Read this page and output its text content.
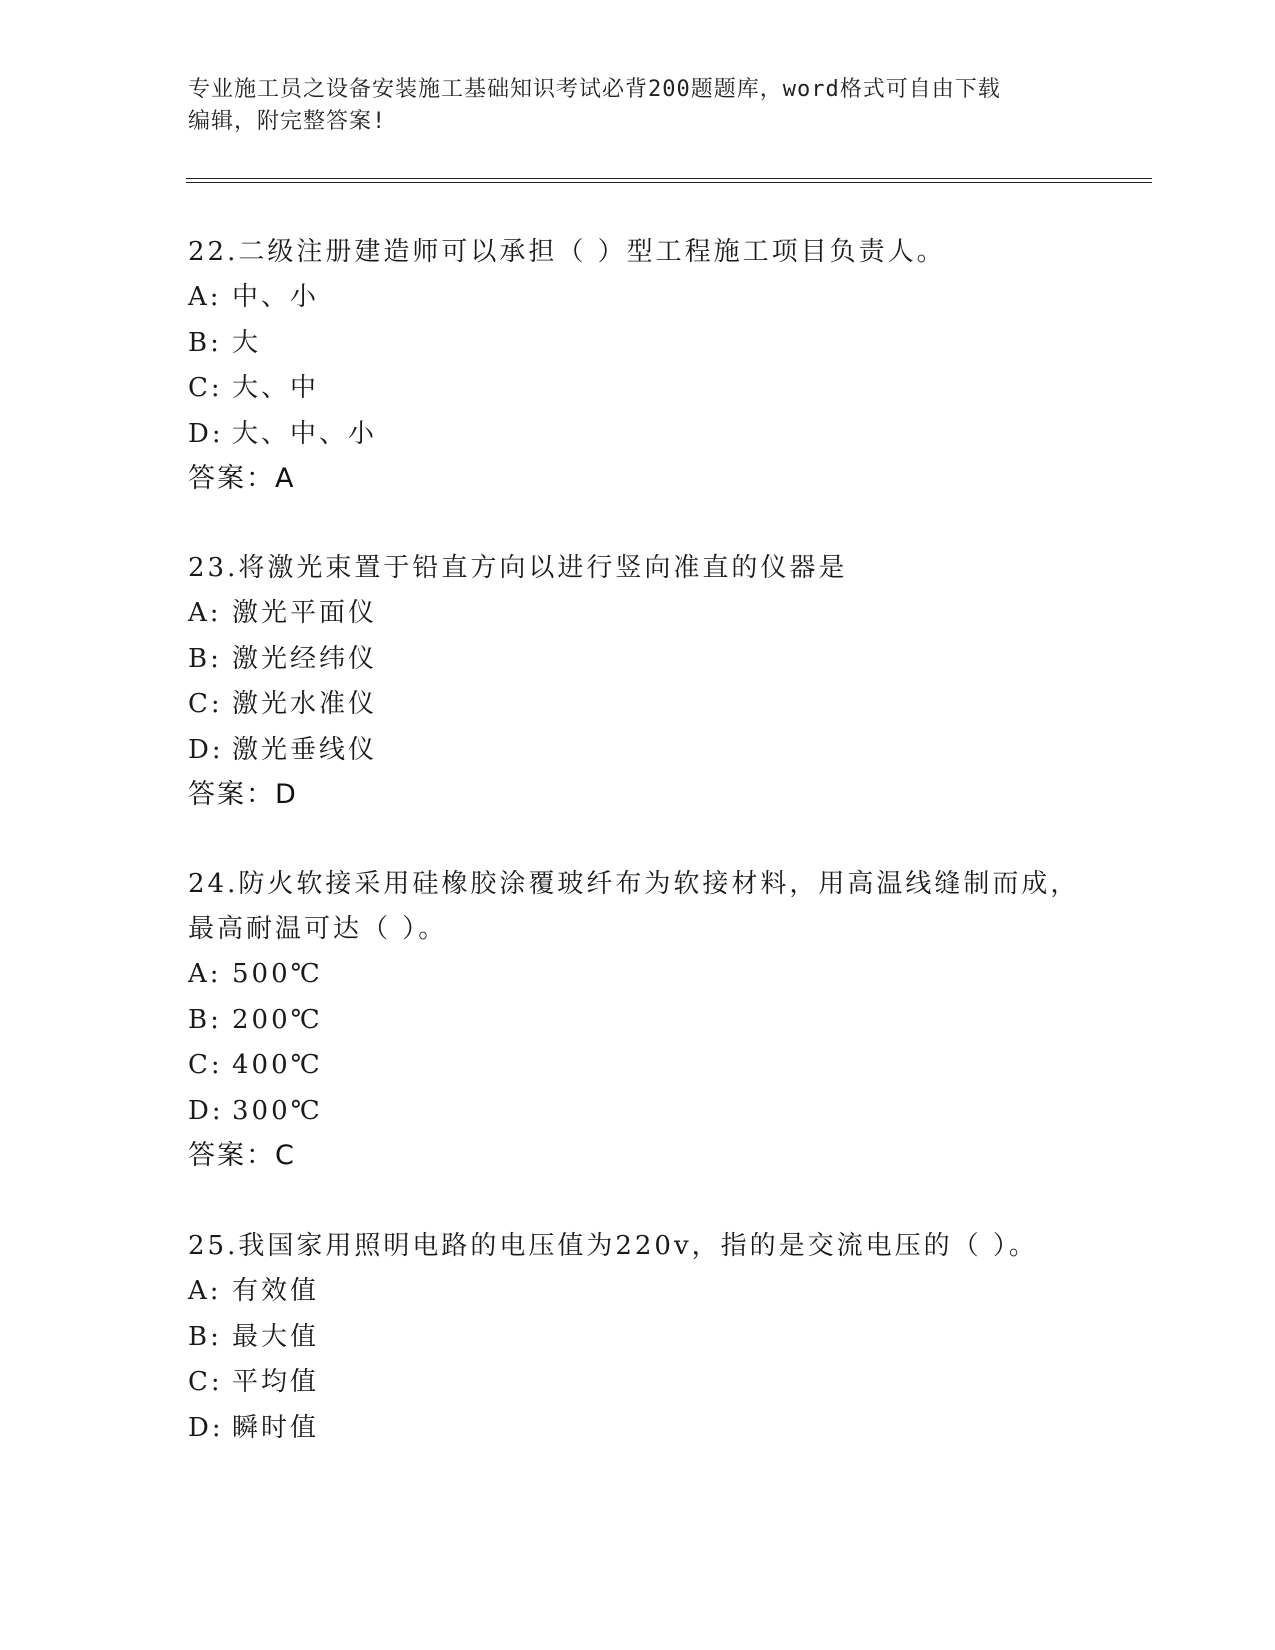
专业施工员之设备安装施工基础知识考试必背200题题库，word格式可自由下载
编辑，附完整答案!

22.二级注册建造师可以承担（ ）型工程施工项目负责人。

A: 中、小

B: 大

C: 大、中

D: 大、中、小

答案：A

23.将激光束置于铅直方向以进行竖向准直的仪器是

A: 激光平面仪

B: 激光经纬仪

C: 激光水准仪

D: 激光垂线仪

答案：D

24.防火软接采用硅橡胶涂覆玻纤布为软接材料，用高温线缝制而成，

最高耐温可达（ ）。

A: 500℃

B: 200℃

C: 400℃

D: 300℃

答案：C

25.我国家用照明电路的电压值为220v，指的是交流电压的（ ）。

A: 有效值

B: 最大值

C: 平均值

D: 瞬时值
